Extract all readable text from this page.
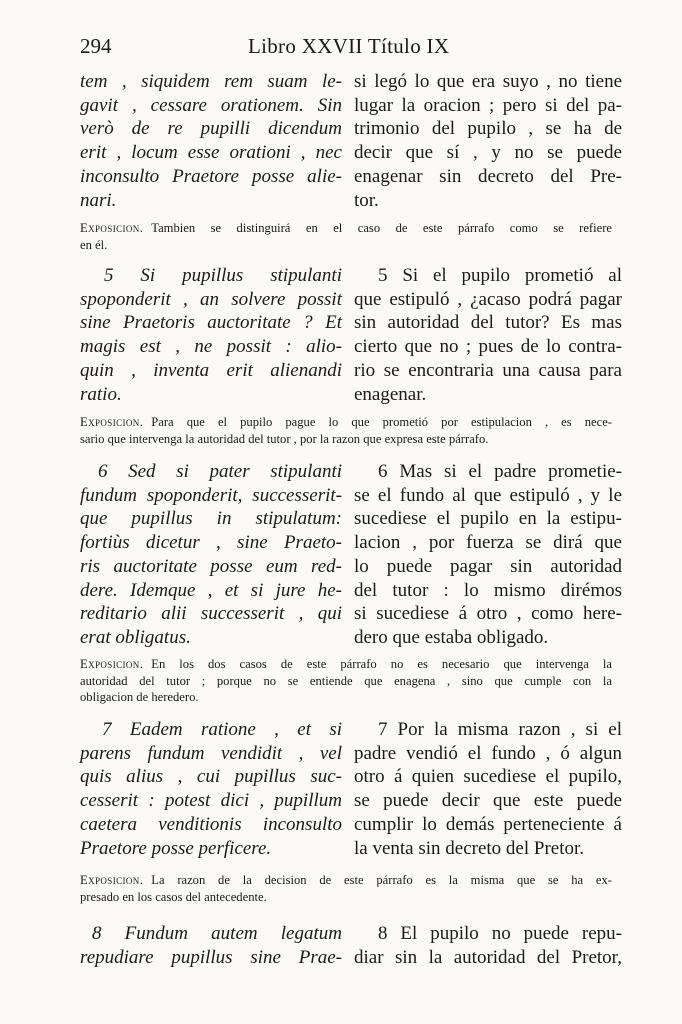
294	Libro XXVII Título IX
tem , siquidem rem suam le-
gavit , cessare orationem. Sin
verò de re pupilli dicendum
erit , locum esse orationi , nec
inconsulto Praetore posse alie-
nari.
si legó lo que era suyo , no tiene
lugar la oracion ; pero si del pa-
trimonio del pupilo , se ha de
decir que sí , y no se puede
enagenar sin decreto del Pre-
tor.
Exposicion. Tambien se distinguirá en el caso de este párrafo como se refiere
en él.
5 Si pupillus stipulanti
spoponderit , an solvere possit
sine Praetoris auctoritate ? Et
magis est , ne possit : alio-
quin , inventa erit alienandi
ratio.
5 Si el pupilo prometió al
que estipuló , ¿acaso podrá pagar
sin autoridad del tutor? Es mas
cierto que no ; pues de lo contra-
rio se encontraria una causa para
enagenar.
Exposicion. Para que el pupilo pague lo que prometió por estipulacion , es nece-
sario que intervenga la autoridad del tutor , por la razon que expresa este párrafo.
6 Sed si pater stipulanti
fundum spoponderit, successerit-
que pupillus in stipulatum:
fortiùs dicetur , sine Praeto-
ris auctoritate posse eum red-
dere. Idemque , et si jure he-
reditario alii successerit , qui
erat obligatus.
6 Mas si el padre prometie-
se el fundo al que estipuló , y le
sucediese el pupilo en la estipu-
lacion , por fuerza se dirá que
lo puede pagar sin autoridad
del tutor : lo mismo dirémos
si sucediese á otro , como here-
dero que estaba obligado.
Exposicion. En los dos casos de este párrafo no es necesario que intervenga la
autoridad del tutor ; porque no se entiende que enagena , sino que cumple con la
obligacion de heredero.
7 Eadem ratione , et si
parens fundum vendidit , vel
quis alius , cui pupillus suc-
cesserit : potest dici , pupillum
caetera venditionis inconsulto
Praetore posse perficere.
7 Por la misma razon , si el
padre vendió el fundo , ó algun
otro á quien sucediese el pupilo,
se puede decir que este puede
cumplir lo demás perteneciente á
la venta sin decreto del Pretor.
Exposicion. La razon de la decision de este párrafo es la misma que se ha ex-
presado en los casos del antecedente.
8 Fundum autem legatum
repudiare pupillus sine Prae-
8 El pupilo no puede repu-
diar sin la autoridad del Pretor,
